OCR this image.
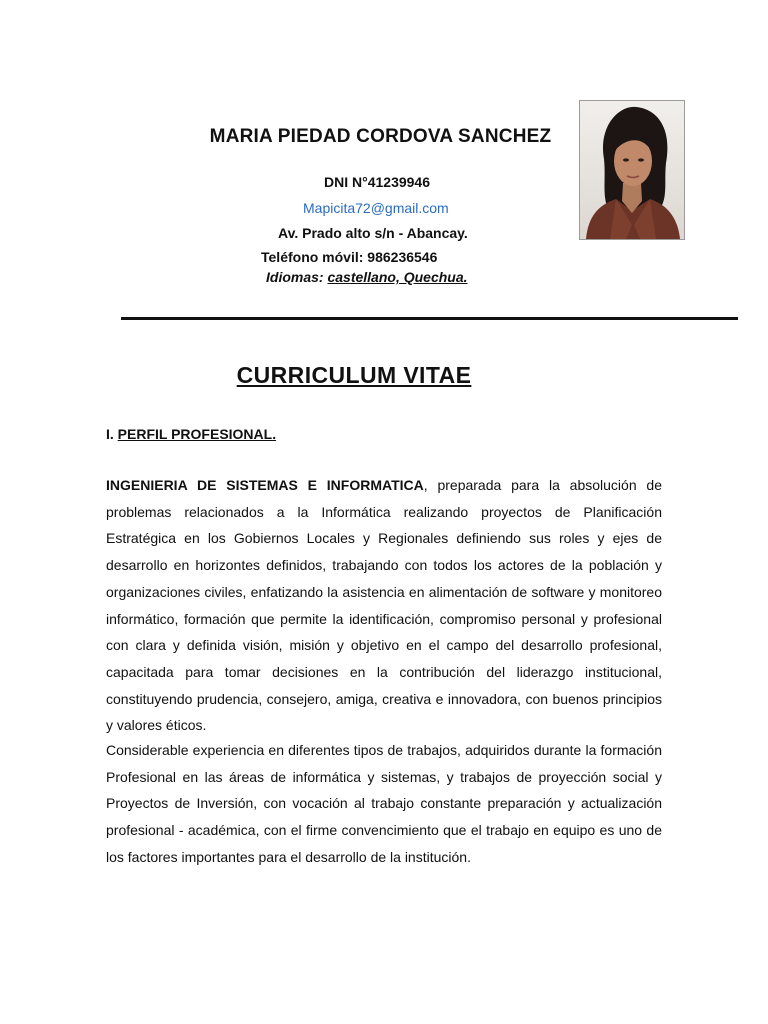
MARIA PIEDAD CORDOVA SANCHEZ
DNI N°41239946
Mapicita72@gmail.com
Av. Prado alto s/n - Abancay.
Teléfono móvil: 986236546
Idiomas: castellano, Quechua.
CURRICULUM VITAE
I. PERFIL PROFESIONAL.
INGENIERIA DE SISTEMAS E INFORMATICA, preparada para la absolución de problemas relacionados a la Informática realizando proyectos de Planificación Estratégica en los Gobiernos Locales y Regionales definiendo sus roles y ejes de desarrollo en horizontes definidos, trabajando con todos los actores de la población y organizaciones civiles, enfatizando la asistencia en alimentación de software y monitoreo informático, formación que permite la identificación, compromiso personal y profesional con clara y definida visión, misión y objetivo en el campo del desarrollo profesional, capacitada para tomar decisiones en la contribución del liderazgo institucional, constituyendo prudencia, consejero, amiga, creativa e innovadora, con buenos principios y valores éticos.
Considerable experiencia en diferentes tipos de trabajos, adquiridos durante la formación Profesional en las áreas de informática y sistemas, y trabajos de proyección social y Proyectos de Inversión, con vocación al trabajo constante preparación y actualización profesional - académica, con el firme convencimiento que el trabajo en equipo es uno de los factores importantes para el desarrollo de la institución.
